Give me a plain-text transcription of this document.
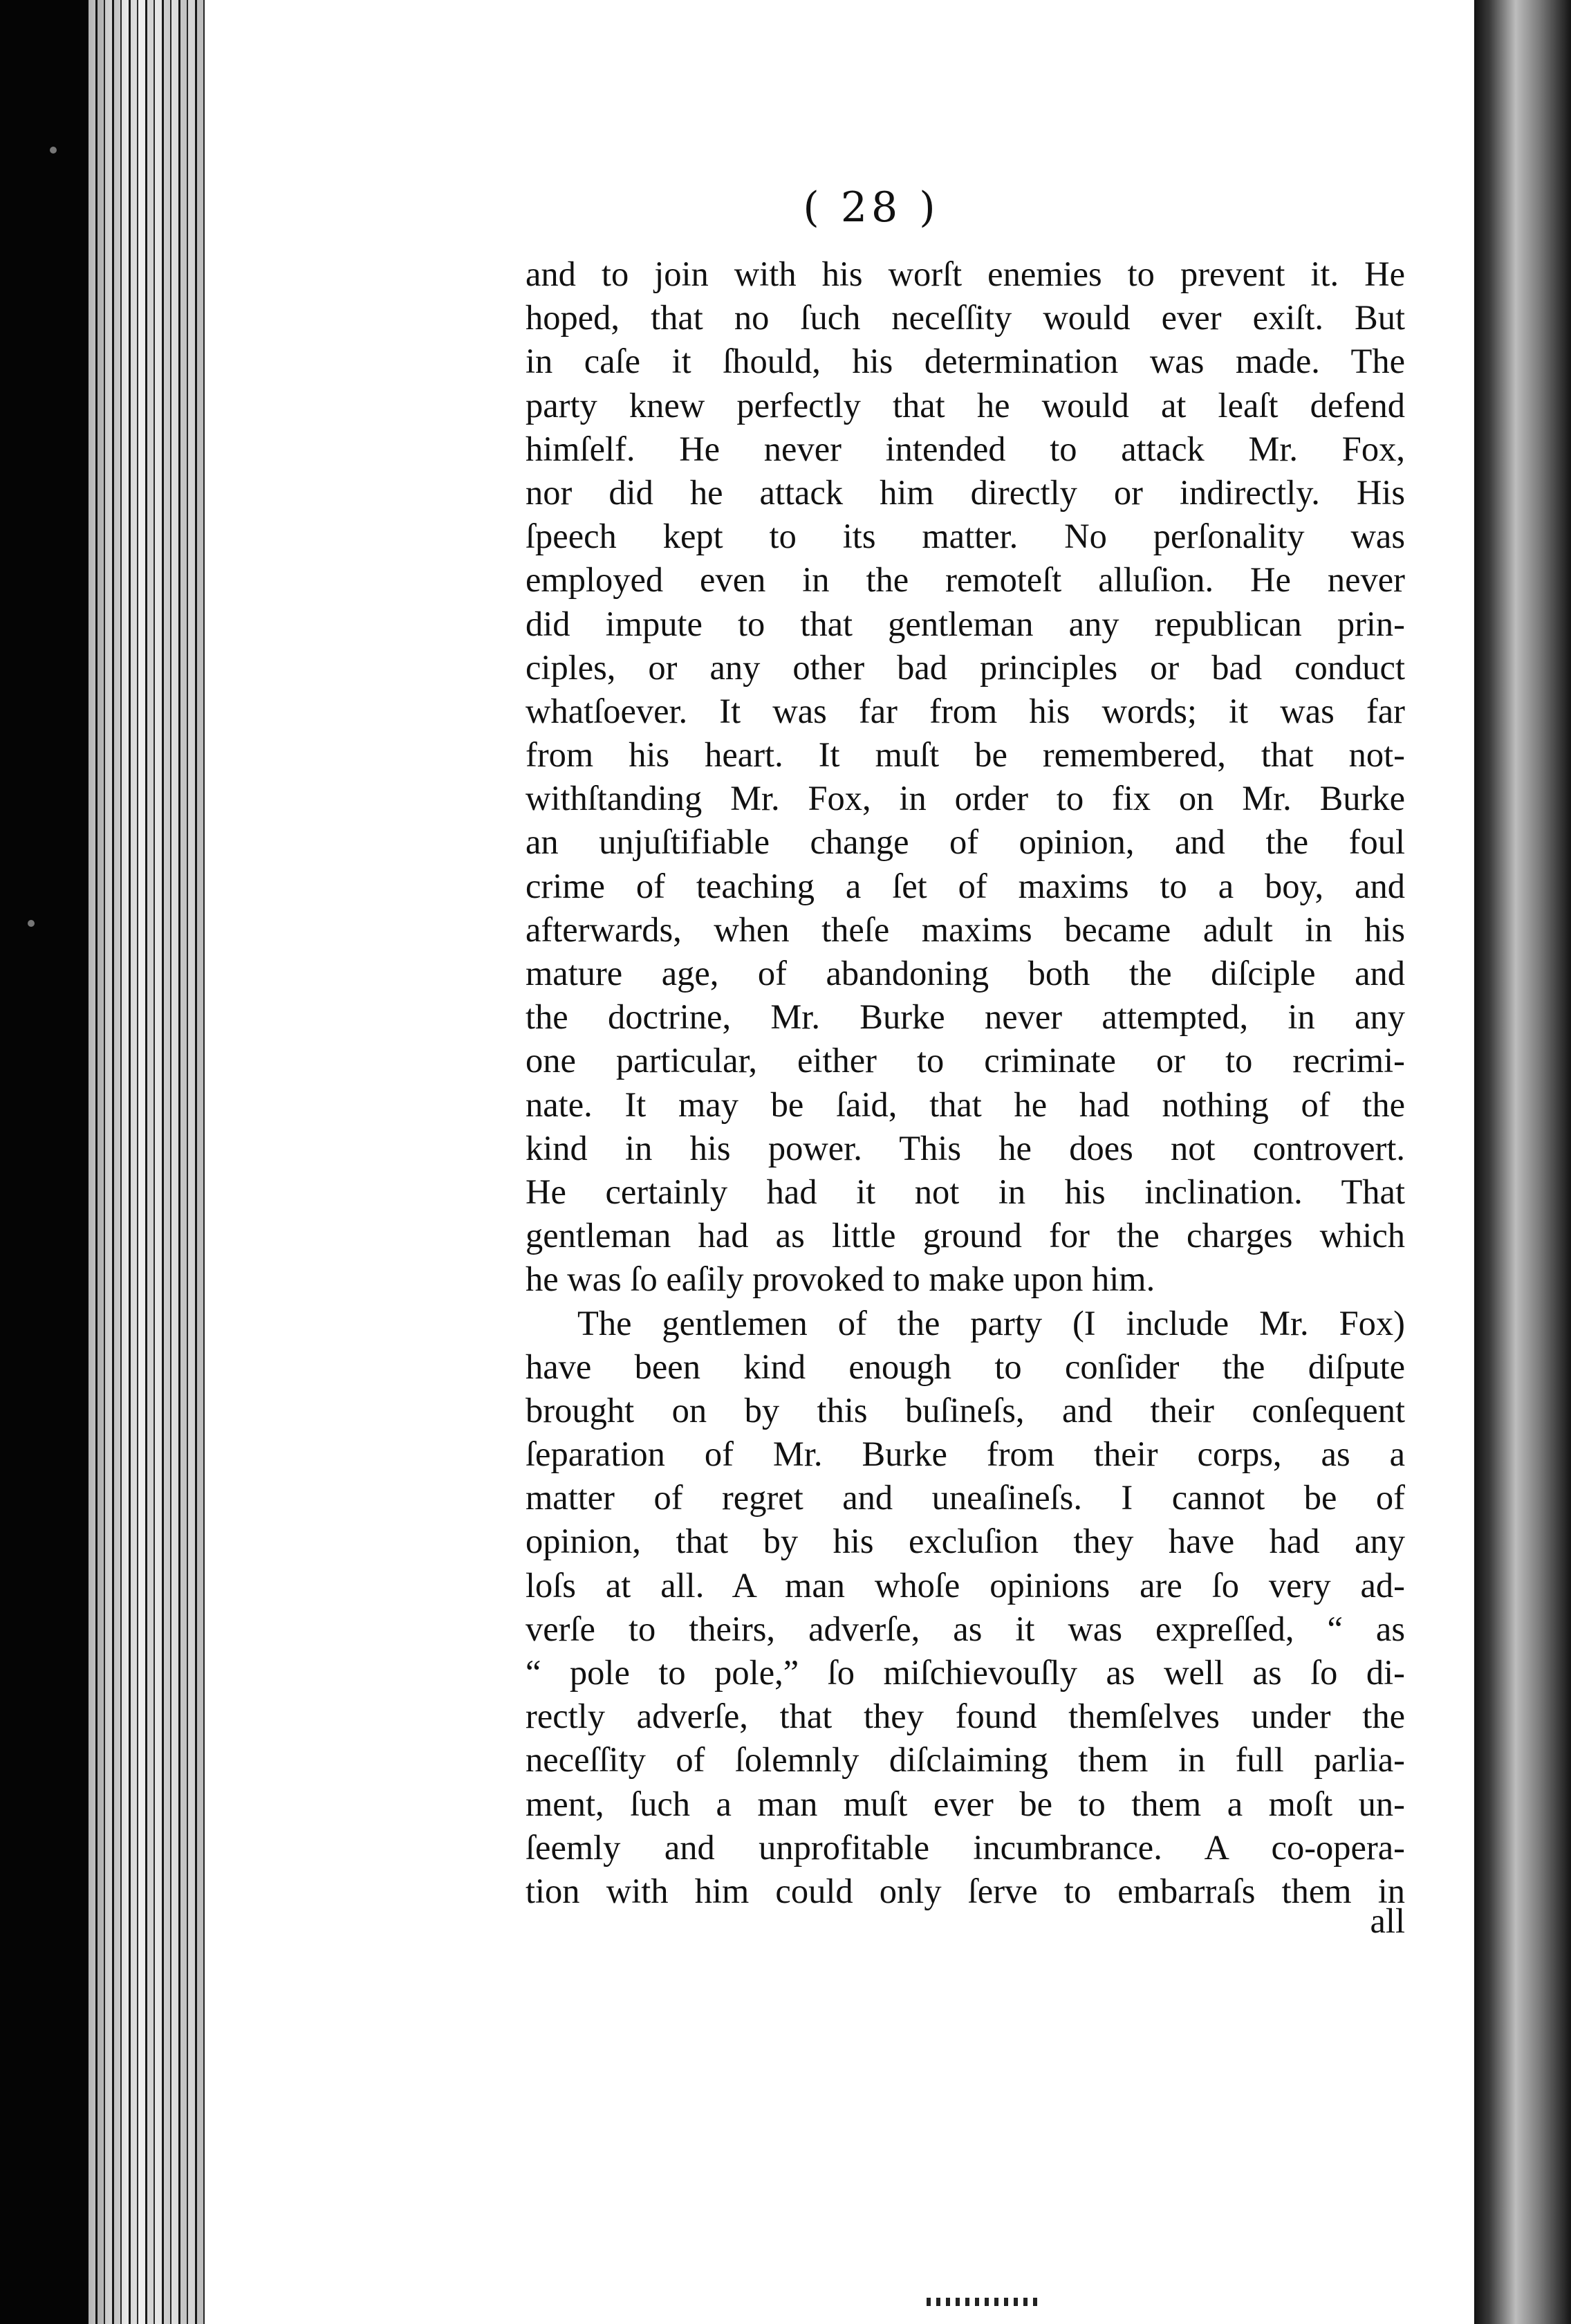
( 28 )
and to join with his worſt enemies to prevent it. He
hoped, that no ſuch neceſſity would ever exiſt. But
in caſe it ſhould, his determination was made. The
party knew perfectly that he would at leaſt defend
himſelf. He never intended to attack Mr. Fox,
nor did he attack him directly or indirectly. His
ſpeech kept to its matter. No perſonality was
employed even in the remoteſt alluſion. He never
did impute to that gentleman any republican prin-
ciples, or any other bad principles or bad conduct
whatſoever. It was far from his words; it was far
from his heart. It muſt be remembered, that not-
withſtanding Mr. Fox, in order to fix on Mr. Burke
an unjuſtifiable change of opinion, and the foul
crime of teaching a ſet of maxims to a boy, and
afterwards, when theſe maxims became adult in his
mature age, of abandoning both the diſciple and
the doctrine, Mr. Burke never attempted, in any
one particular, either to criminate or to recrimi-
nate. It may be ſaid, that he had nothing of the
kind in his power. This he does not controvert.
He certainly had it not in his inclination. That
gentleman had as little ground for the charges which
he was ſo eaſily provoked to make upon him.
The gentlemen of the party (I include Mr. Fox)
have been kind enough to conſider the diſpute
brought on by this buſineſs, and their conſequent
ſeparation of Mr. Burke from their corps, as a
matter of regret and uneaſineſs. I cannot be of
opinion, that by his excluſion they have had any
loſs at all. A man whoſe opinions are ſo very ad-
verſe to theirs, adverſe, as it was expreſſed, “ as
“ pole to pole,” ſo miſchievouſly as well as ſo di-
rectly adverſe, that they found themſelves under the
neceſſity of ſolemnly diſclaiming them in full parlia-
ment, ſuch a man muſt ever be to them a moſt un-
ſeemly and unprofitable incumbrance. A co-opera-
tion with him could only ſerve to embarraſs them in
all
